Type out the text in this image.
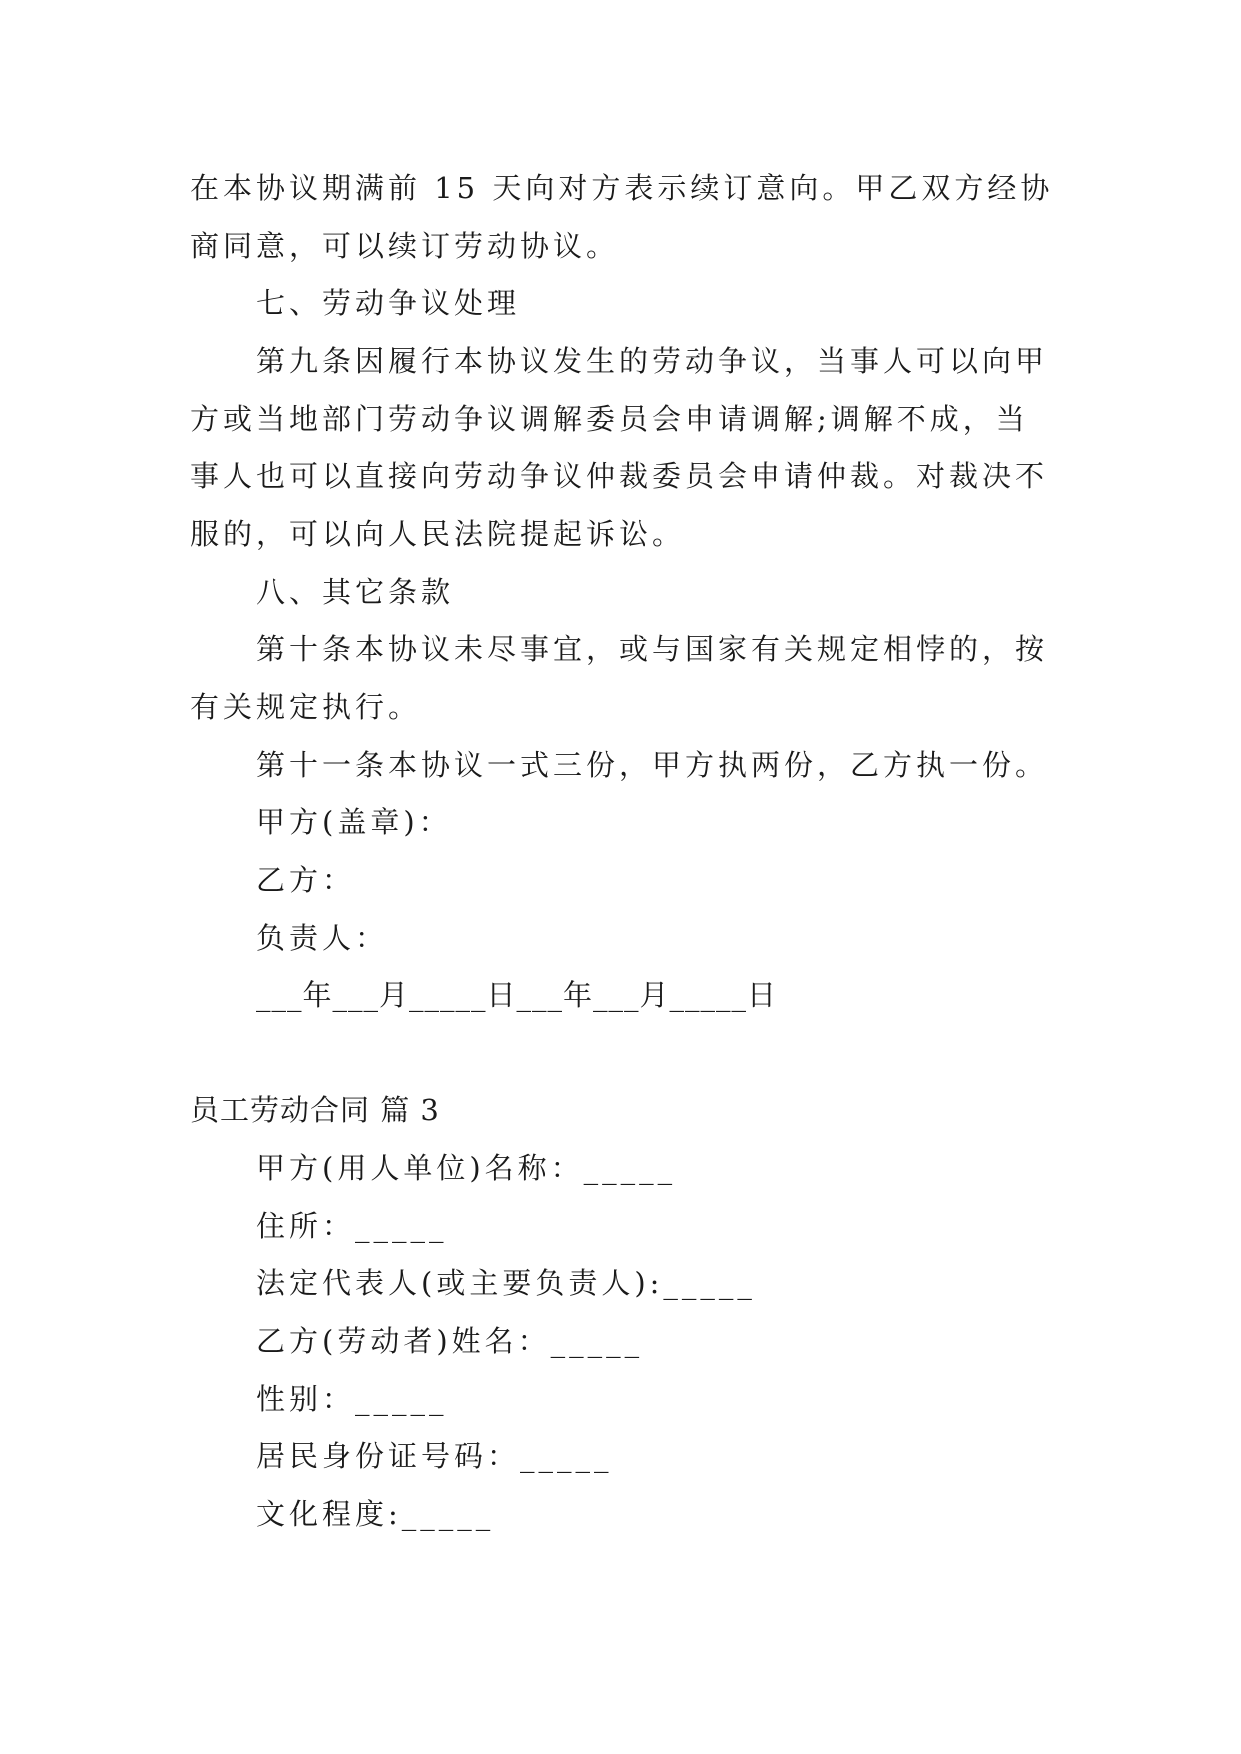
在本协议期满前 15 天向对方表示续订意向。甲乙双方经协
商同意，可以续订劳动协议。
七、劳动争议处理
第九条因履行本协议发生的劳动争议，当事人可以向甲
方或当地部门劳动争议调解委员会申请调解;调解不成，当
事人也可以直接向劳动争议仲裁委员会申请仲裁。对裁决不
服的，可以向人民法院提起诉讼。
八、其它条款
第十条本协议未尽事宜，或与国家有关规定相悖的，按
有关规定执行。
第十一条本协议一式三份，甲方执两份，乙方执一份。
甲方(盖章)：
乙方：
负责人：
___年___月_____日___年___月_____日
员工劳动合同 篇 3
甲方(用人单位)名称：_____
住所：_____
法定代表人(或主要负责人):_____
乙方(劳动者)姓名：_____
性别：_____
居民身份证号码：_____
文化程度:_____
